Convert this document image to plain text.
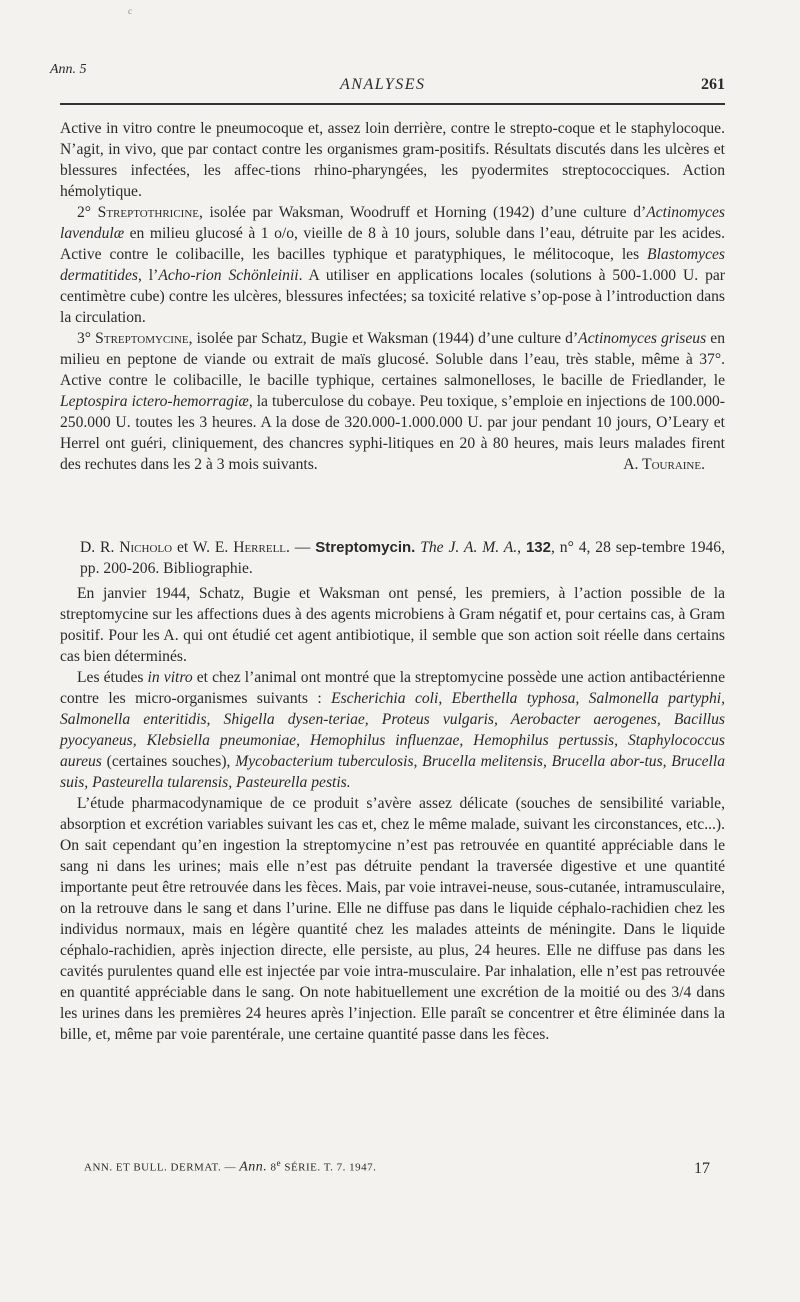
c
Ann. 5
ANALYSES	261

Active in vitro contre le pneumocoque et, assez loin derrière, contre le strepto-coque et le staphylocoque. N’agit, in vivo, que par contact contre les organismes gram-positifs. Résultats discutés dans les ulcères et blessures infectées, les affec-tions rhino-pharyngées, les pyodermites streptococciques. Action hémolytique.

2° Streptothricine, isolée par Waksman, Woodruff et Horning (1942) d’une culture d’Actinomyces lavendulæ en milieu glucosé à 1 o/o, vieille de 8 à 10 jours, soluble dans l’eau, détruite par les acides. Active contre le colibacille, les bacilles typhique et paratyphiques, le mélitocoque, les Blastomyces dermatitides, l’Acho-rion Schönleinii. A utiliser en applications locales (solutions à 500-1.000 U. par centimètre cube) contre les ulcères, blessures infectées; sa toxicité relative s’op-pose à l’introduction dans la circulation.

3° Streptomycine, isolée par Schatz, Bugie et Waksman (1944) d’une culture d’Actinomyces griseus en milieu en peptone de viande ou extrait de maïs glucosé. Soluble dans l’eau, très stable, même à 37°. Active contre le colibacille, le bacille typhique, certaines salmonelloses, le bacille de Friedlander, le Leptospira ictero-hemorragiæ, la tuberculose du cobaye. Peu toxique, s’emploie en injections de 100.000-250.000 U. toutes les 3 heures. A la dose de 320.000-1.000.000 U. par jour pendant 10 jours, O’Leary et Herrel ont guéri, cliniquement, des chancres syphi-litiques en 20 à 80 heures, mais leurs malades firent des rechutes dans les 2 à 3 mois suivants.	A. Touraine.

D. R. Nicholo et W. E. Herrell. — Streptomycin. The J. A. M. A., 132, n° 4, 28 sep-tembre 1946, pp. 200-206. Bibliographie.

En janvier 1944, Schatz, Bugie et Waksman ont pensé, les premiers, à l’action possible de la streptomycine sur les affections dues à des agents microbiens à Gram négatif et, pour certains cas, à Gram positif. Pour les A. qui ont étudié cet agent antibiotique, il semble que son action soit réelle dans certains cas bien déterminés.

Les études in vitro et chez l’animal ont montré que la streptomycine possède une action antibactérienne contre les micro-organismes suivants : Escherichia coli, Eberthella typhosa, Salmonella partyphi, Salmonella enteritidis, Shigella dysen-teriae, Proteus vulgaris, Aerobacter aerogenes, Bacillus pyocyaneus, Klebsiella pneumoniae, Hemophilus influenzae, Hemophilus pertussis, Staphylococcus aureus (certaines souches), Mycobacterium tuberculosis, Brucella melitensis, Brucella abor-tus, Brucella suis, Pasteurella tularensis, Pasteurella pestis.

L’étude pharmacodynamique de ce produit s’avère assez délicate (souches de sensibilité variable, absorption et excrétion variables suivant les cas et, chez le même malade, suivant les circonstances, etc...). On sait cependant qu’en ingestion la streptomycine n’est pas retrouvée en quantité appréciable dans le sang ni dans les urines; mais elle n’est pas détruite pendant la traversée digestive et une quantité importante peut être retrouvée dans les fèces. Mais, par voie intravei-neuse, sous-cutanée, intramusculaire, on la retrouve dans le sang et dans l’urine. Elle ne diffuse pas dans le liquide céphalo-rachidien chez les individus normaux, mais en légère quantité chez les malades atteints de méningite. Dans le liquide céphalo-rachidien, après injection directe, elle persiste, au plus, 24 heures. Elle ne diffuse pas dans les cavités purulentes quand elle est injectée par voie intra-musculaire. Par inhalation, elle n’est pas retrouvée en quantité appréciable dans le sang. On note habituellement une excrétion de la moitié ou des 3/4 dans les urines dans les premières 24 heures après l’injection. Elle paraît se concentrer et être éliminée dans la bille, et, même par voie parentérale, une certaine quantité passe dans les fèces.

ANN. ET BULL. DERMAT. — Ann. 8e SÉRIE. T. 7. 1947.	17
